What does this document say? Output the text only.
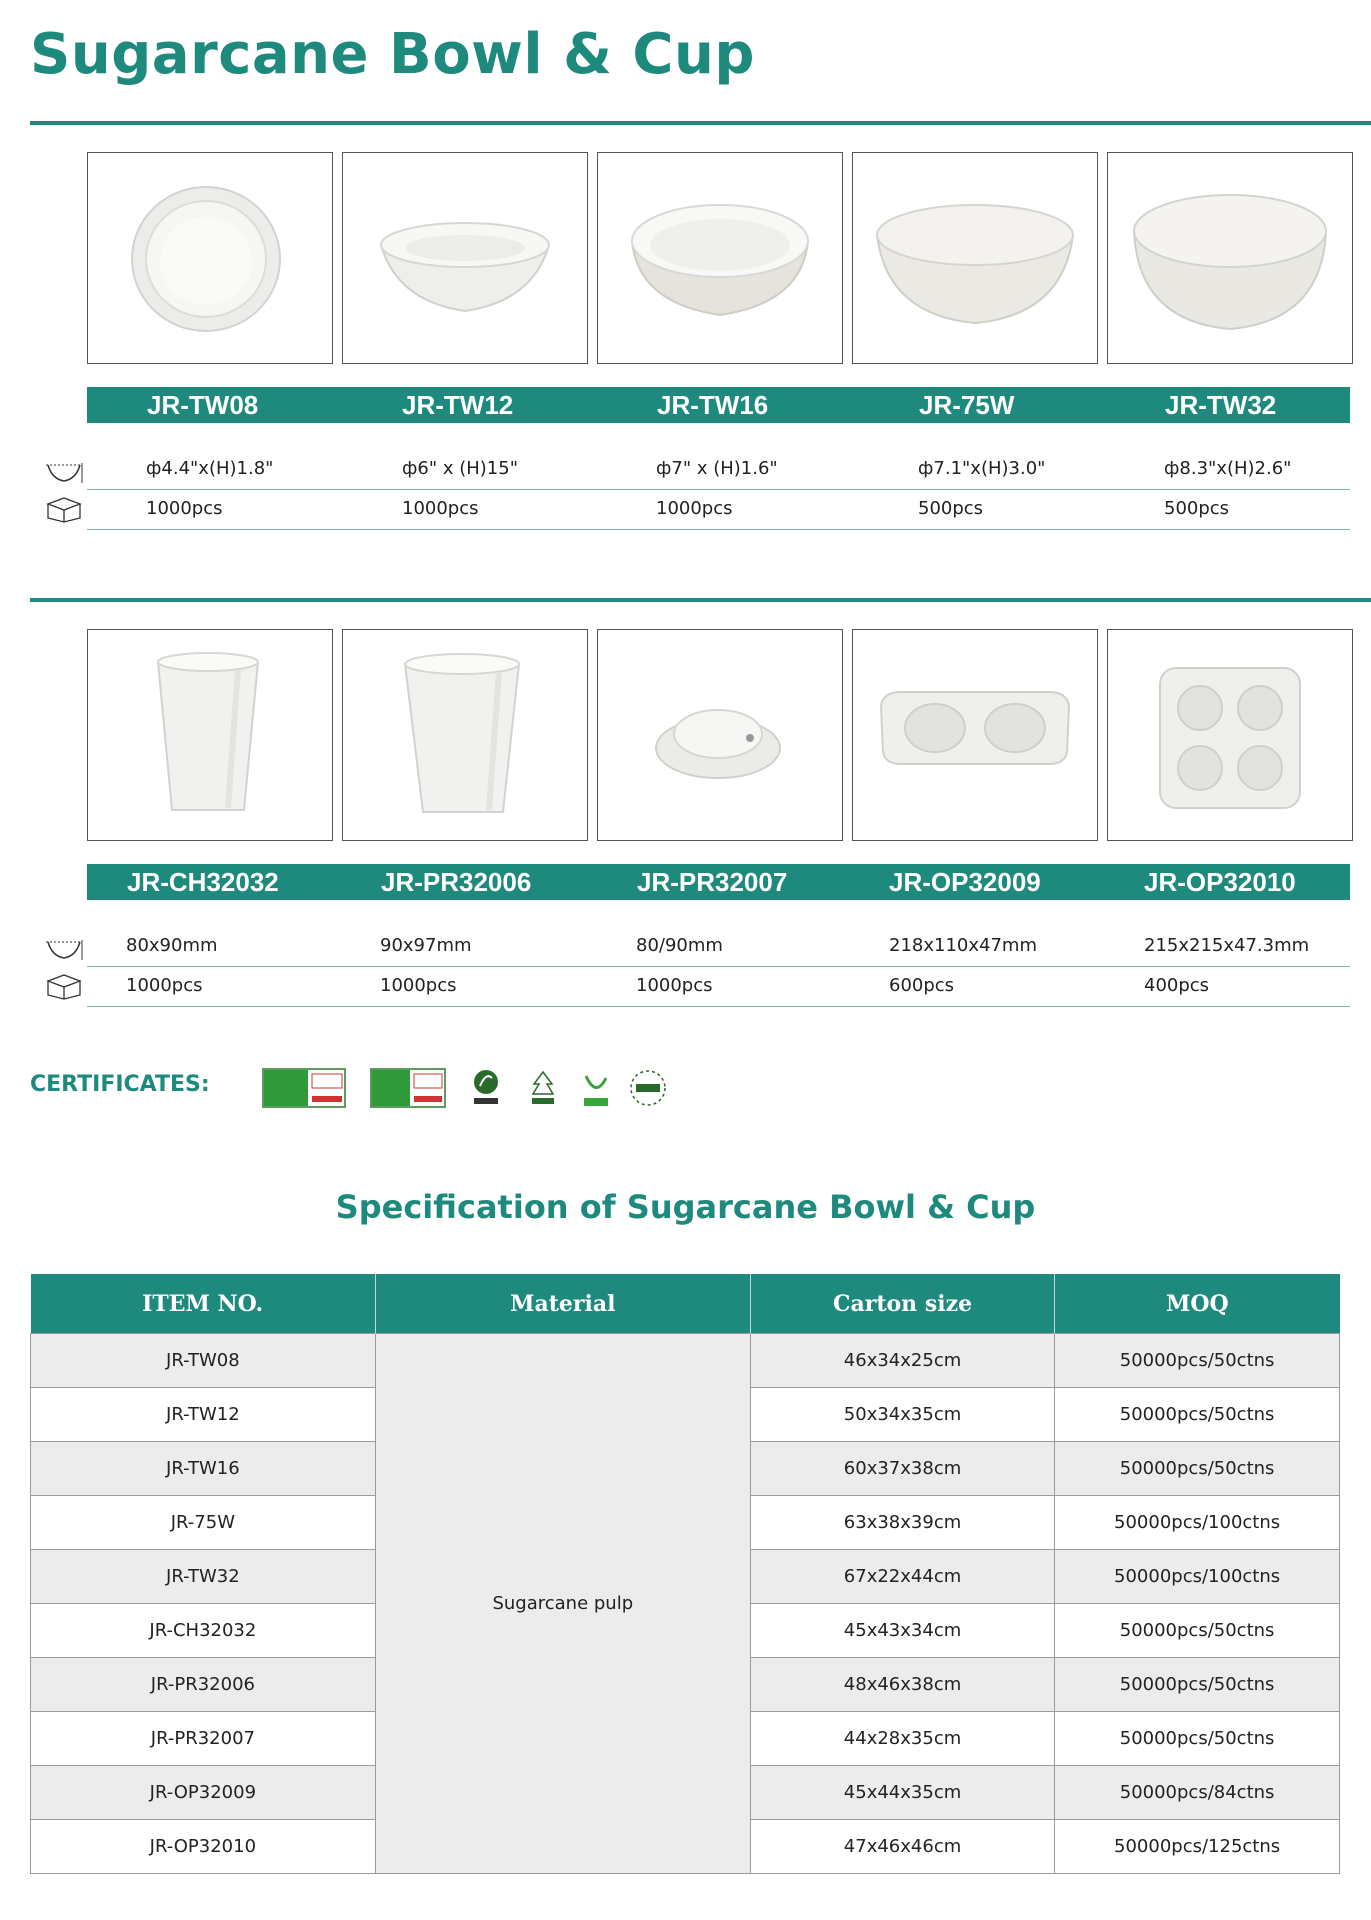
Sugarcane Bowl & Cup
JR-TW08	JR-TW12	JR-TW16	JR-75W	JR-TW32
ф4.4"x(H)1.8"	ф6" x (H)15"	ф7" x (H)1.6"	ф7.1"x(H)3.0"	ф8.3"x(H)2.6"
1000pcs	1000pcs	1000pcs	500pcs	500pcs
JR-CH32032	JR-PR32006	JR-PR32007	JR-OP32009	JR-OP32010
80x90mm	90x97mm	80/90mm	218x110x47mm	215x215x47.3mm
1000pcs	1000pcs	1000pcs	600pcs	400pcs
CERTIFICATES:
Specification of Sugarcane Bowl & Cup
ITEM NO.	Material	Carton size	MOQ
JR-TW08	Sugarcane pulp	46x34x25cm	50000pcs/50ctns
JR-TW12		50x34x35cm	50000pcs/50ctns
JR-TW16		60x37x38cm	50000pcs/50ctns
JR-75W		63x38x39cm	50000pcs/100ctns
JR-TW32		67x22x44cm	50000pcs/100ctns
JR-CH32032		45x43x34cm	50000pcs/50ctns
JR-PR32006		48x46x38cm	50000pcs/50ctns
JR-PR32007		44x28x35cm	50000pcs/50ctns
JR-OP32009		45x44x35cm	50000pcs/84ctns
JR-OP32010		47x46x46cm	50000pcs/125ctns
